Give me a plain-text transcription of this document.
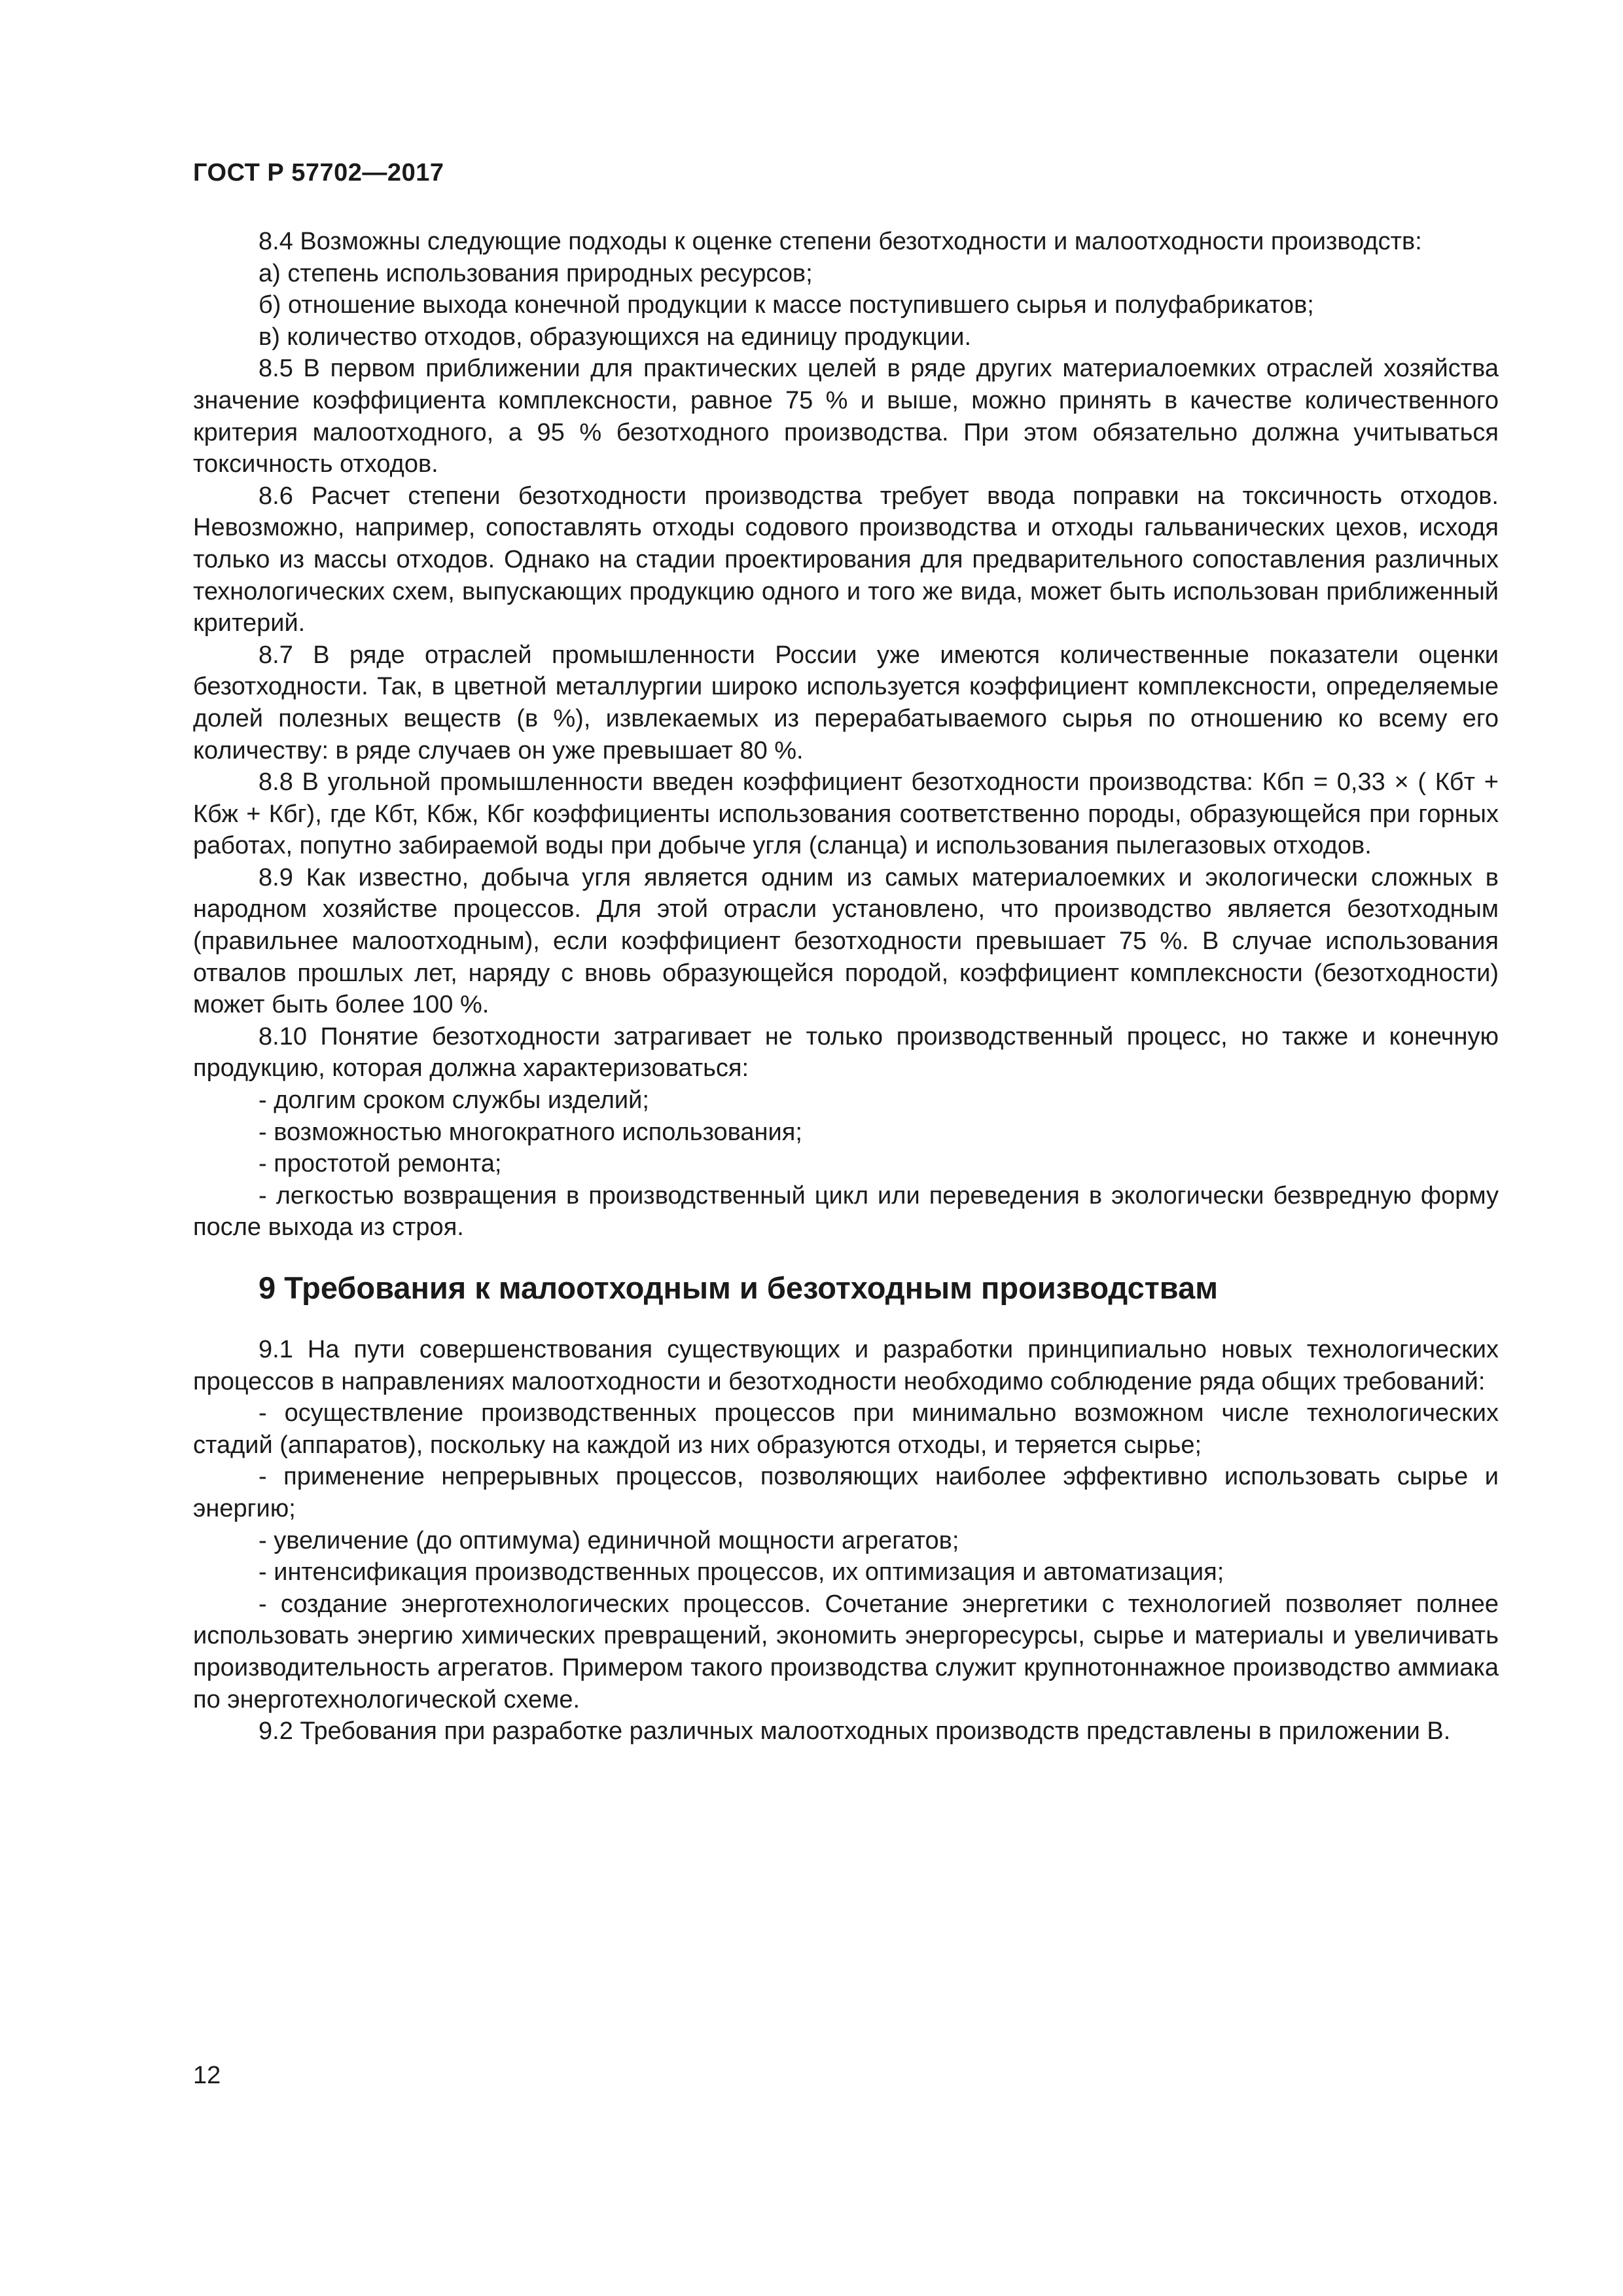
ГОСТ Р 57702—2017

8.4 Возможны следующие подходы к оценке степени безотходности и малоотходности производств:

а) степень использования природных ресурсов;

б) отношение выхода конечной продукции к массе поступившего сырья и полуфабрикатов;

в) количество отходов, образующихся на единицу продукции.

8.5 В первом приближении для практических целей в ряде других материалоемких отраслей хозяйства значение коэффициента комплексности, равное 75 % и выше, можно принять в качестве количественного критерия малоотходного, а 95 % безотходного производства. При этом обязательно должна учитываться токсичность отходов.

8.6 Расчет степени безотходности производства требует ввода поправки на токсичность отходов. Невозможно, например, сопоставлять отходы содового производства и отходы гальванических цехов, исходя только из массы отходов. Однако на стадии проектирования для предварительного сопоставления различных технологических схем, выпускающих продукцию одного и того же вида, может быть использован приближенный критерий.

8.7 В ряде отраслей промышленности России уже имеются количественные показатели оценки безотходности. Так, в цветной металлургии широко используется коэффициент комплексности, определяемые долей полезных веществ (в %), извлекаемых из перерабатываемого сырья по отношению ко всему его количеству: в ряде случаев он уже превышает 80 %.

8.8 В угольной промышленности введен коэффициент безотходности производства: Кбп = 0,33 × ( Кбт + Кбж + Кбг), где Кбт, Кбж, Кбг коэффициенты использования соответственно породы, образующейся при горных работах, попутно забираемой воды при добыче угля (сланца) и использования пылегазовых отходов.

8.9 Как известно, добыча угля является одним из самых материалоемких и экологически сложных в народном хозяйстве процессов. Для этой отрасли установлено, что производство является безотходным (правильнее малоотходным), если коэффициент безотходности превышает 75 %. В случае использования отвалов прошлых лет, наряду с вновь образующейся породой, коэффициент комплексности (безотходности) может быть более 100 %.

8.10 Понятие безотходности затрагивает не только производственный процесс, но также и конечную продукцию, которая должна характеризоваться:

- долгим сроком службы изделий;

- возможностью многократного использования;

- простотой ремонта;

- легкостью возвращения в производственный цикл или переведения в экологически безвредную форму после выхода из строя.

9 Требования к малоотходным и безотходным производствам

9.1 На пути совершенствования существующих и разработки принципиально новых технологических процессов в направлениях малоотходности и безотходности необходимо соблюдение ряда общих требований:

- осуществление производственных процессов при минимально возможном числе технологических стадий (аппаратов), поскольку на каждой из них образуются отходы, и теряется сырье;

- применение непрерывных процессов, позволяющих наиболее эффективно использовать сырье и энергию;

- увеличение (до оптимума) единичной мощности агрегатов;

- интенсификация производственных процессов, их оптимизация и автоматизация;

- создание энерготехнологических процессов. Сочетание энергетики с технологией позволяет полнее использовать энергию химических превращений, экономить энергоресурсы, сырье и материалы и увеличивать производительность агрегатов. Примером такого производства служит крупнотоннажное производство аммиака по энерготехнологической схеме.

9.2 Требования при разработке различных малоотходных производств представлены в приложении В.

12
